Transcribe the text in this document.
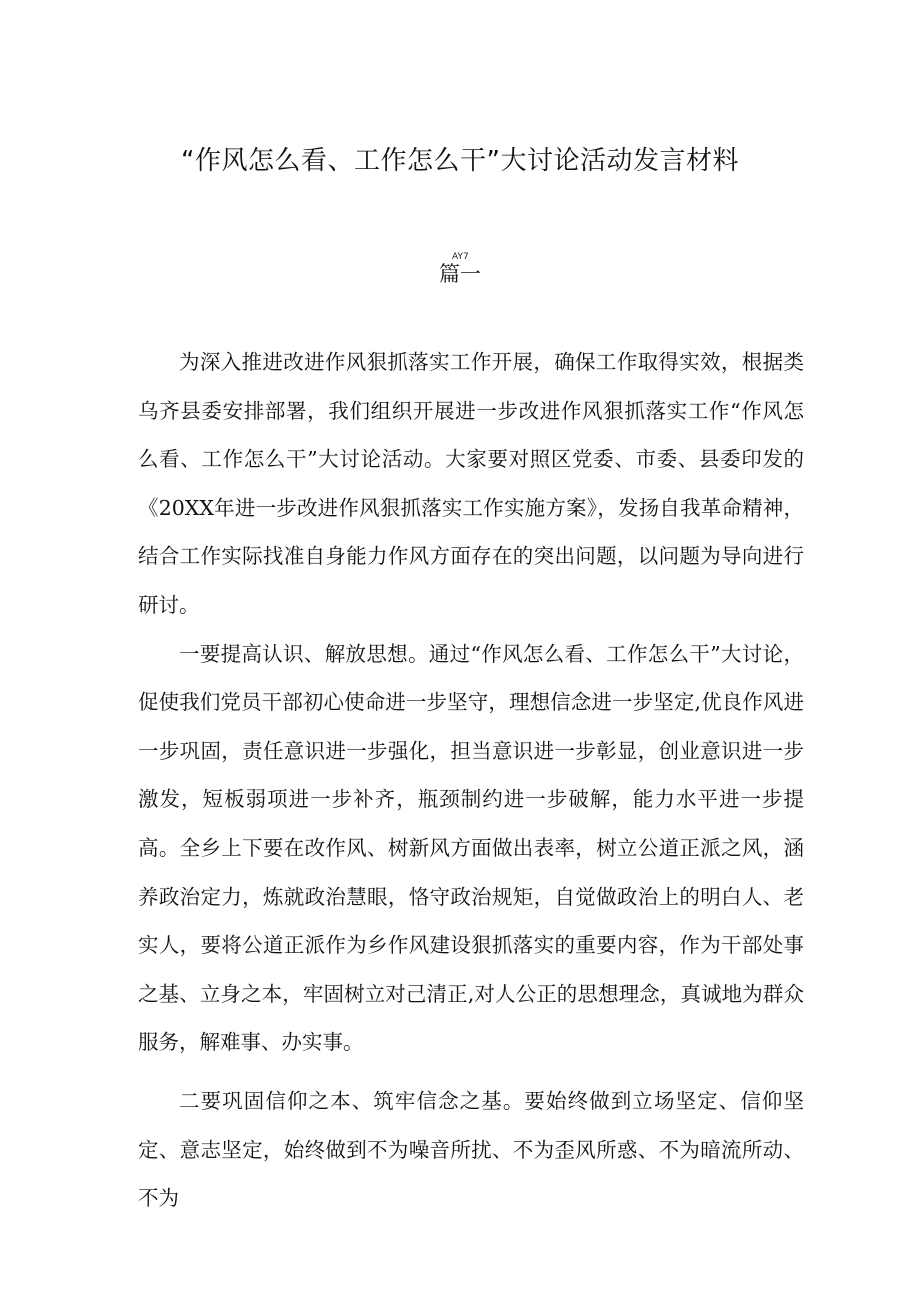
“作风怎么看、工作怎么干”大讨论活动发言材料
AY7
篇一

为深入推进改进作风狠抓落实工作开展，确保工作取得实效，根据类乌齐县委安排部署，我们组织开展进一步改进作风狠抓落实工作“作风怎么看、工作怎么干”大讨论活动。大家要对照区党委、市委、县委印发的《20XX年进一步改进作风狠抓落实工作实施方案》，发扬自我革命精神，结合工作实际找准自身能力作风方面存在的突出问题，以问题为导向进行研讨。

一要提高认识、解放思想。通过“作风怎么看、工作怎么干”大讨论，促使我们党员干部初心使命进一步坚守，理想信念进一步坚定,优良作风进一步巩固，责任意识进一步强化，担当意识进一步彰显，创业意识进一步激发，短板弱项进一步补齐，瓶颈制约进一步破解，能力水平进一步提高。全乡上下要在改作风、树新风方面做出表率，树立公道正派之风，涵养政治定力，炼就政治慧眼，恪守政治规矩，自觉做政治上的明白人、老实人，要将公道正派作为乡作风建设狠抓落实的重要内容，作为干部处事之基、立身之本，牢固树立对己清正,对人公正的思想理念，真诚地为群众服务，解难事、办实事。

二要巩固信仰之本、筑牢信念之基。要始终做到立场坚定、信仰坚定、意志坚定，始终做到不为噪音所扰、不为歪风所惑、不为暗流所动、不为
